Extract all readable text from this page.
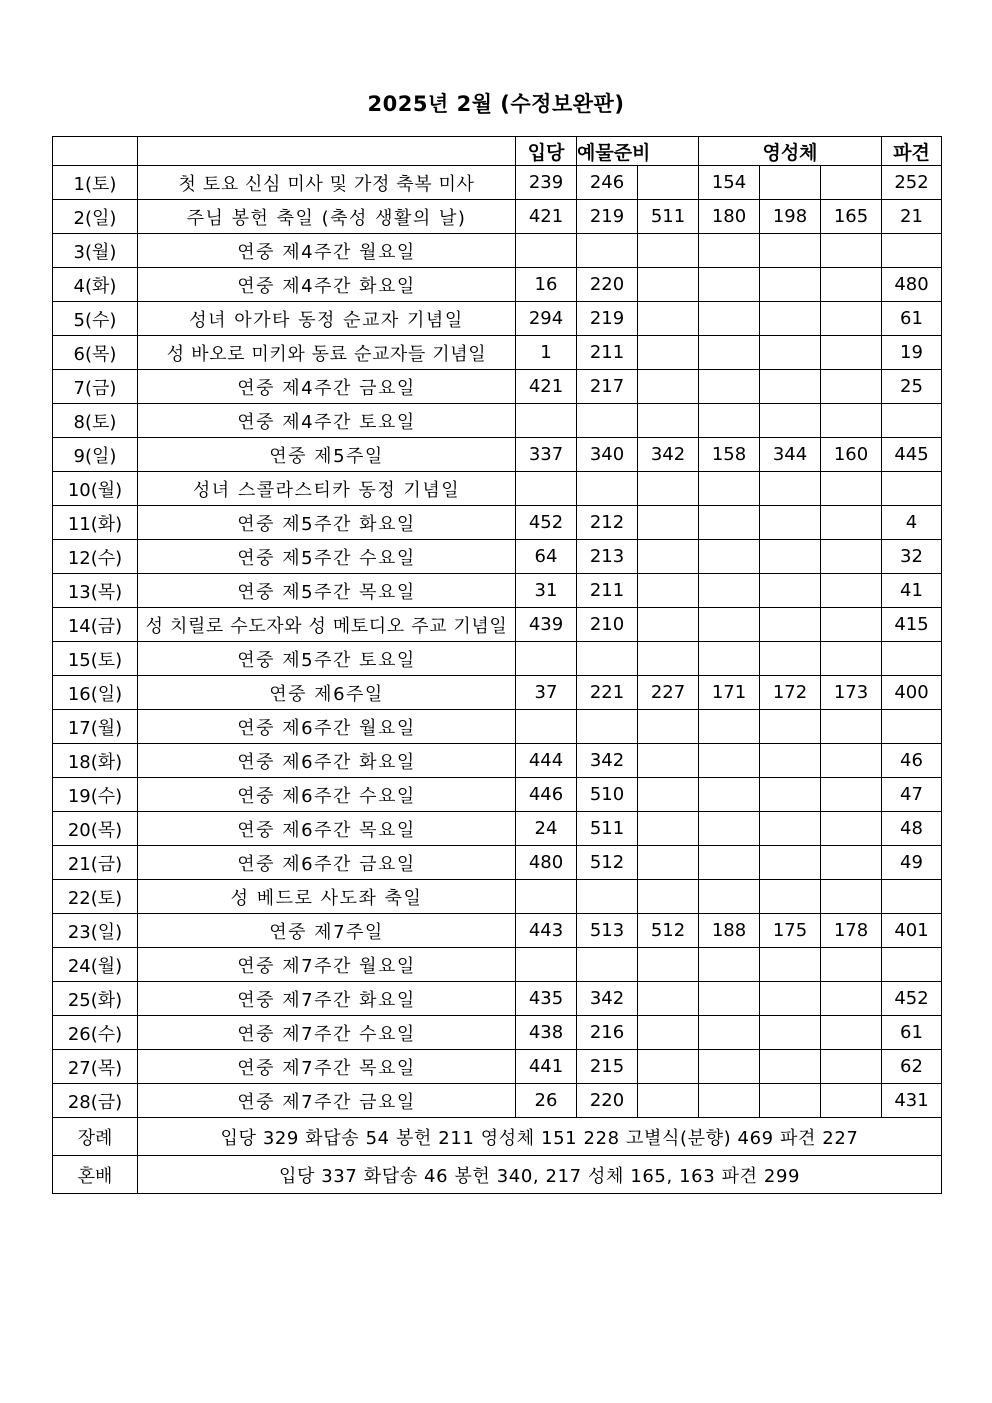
2025년 2월 (수정보완판)
		입당	예물준비			영성체		파견
1(토)	첫 토요 신심 미사 및 가정 축복 미사	239	246		154			252
2(일)	주님 봉헌 축일 (축성 생활의 날)	421	219	511	180	198	165	21
3(월)	연중 제4주간 월요일							
4(화)	연중 제4주간 화요일	16	220					480
5(수)	성녀 아가타 동정 순교자 기념일	294	219					61
6(목)	성 바오로 미키와 동료 순교자들 기념일	1	211					19
7(금)	연중 제4주간 금요일	421	217					25
8(토)	연중 제4주간 토요일							
9(일)	연중 제5주일	337	340	342	158	344	160	445
10(월)	성녀 스콜라스티카 동정 기념일							
11(화)	연중 제5주간 화요일	452	212					4
12(수)	연중 제5주간 수요일	64	213					32
13(목)	연중 제5주간 목요일	31	211					41
14(금)	성 치릴로 수도자와 성 메토디오 주교 기념일	439	210					415
15(토)	연중 제5주간 토요일							
16(일)	연중 제6주일	37	221	227	171	172	173	400
17(월)	연중 제6주간 월요일							
18(화)	연중 제6주간 화요일	444	342					46
19(수)	연중 제6주간 수요일	446	510					47
20(목)	연중 제6주간 목요일	24	511					48
21(금)	연중 제6주간 금요일	480	512					49
22(토)	성 베드로 사도좌 축일							
23(일)	연중 제7주일	443	513	512	188	175	178	401
24(월)	연중 제7주간 월요일							
25(화)	연중 제7주간 화요일	435	342					452
26(수)	연중 제7주간 수요일	438	216					61
27(목)	연중 제7주간 목요일	441	215					62
28(금)	연중 제7주간 금요일	26	220					431
장례	입당 329 화답송 54 봉헌 211 영성체 151 228 고별식(분향) 469 파견 227							
혼배	입당 337 화답송 46 봉헌 340, 217 성체 165, 163 파견 299							
